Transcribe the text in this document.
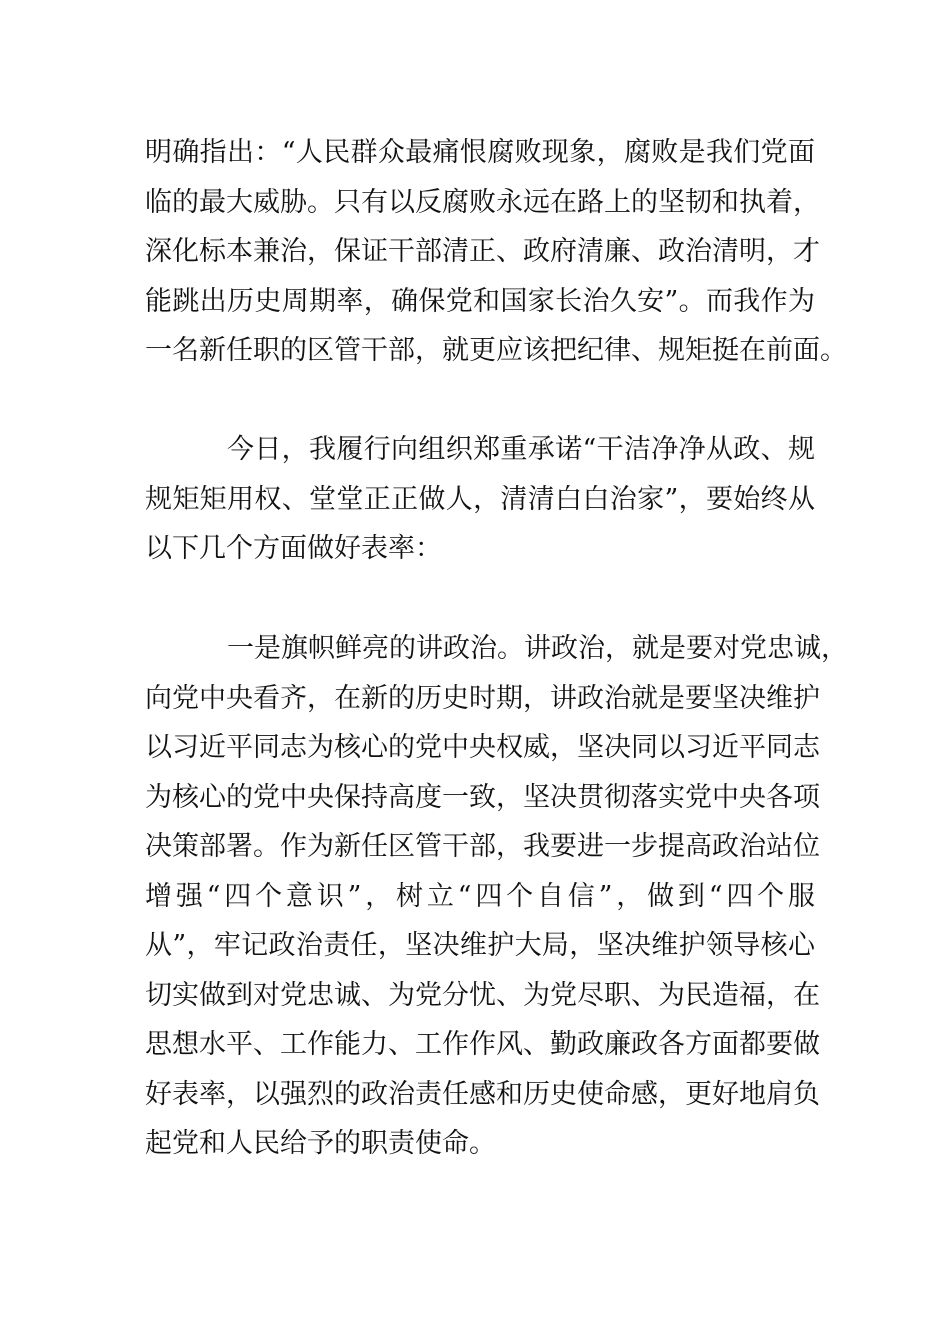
明确指出：“人民群众最痛恨腐败现象，腐败是我们党面
临的最大威胁。只有以反腐败永远在路上的坚韧和执着，
深化标本兼治，保证干部清正、政府清廉、政治清明，才
能跳出历史周期率，确保党和国家长治久安”。而我作为
一名新任职的区管干部，就更应该把纪律、规矩挺在前面。
今日，我履行向组织郑重承诺“干洁净净从政、规
规矩矩用权、堂堂正正做人，清清白白治家”，要始终从
以下几个方面做好表率：
一是旗帜鲜亮的讲政治。讲政治，就是要对党忠诚，
向党中央看齐，在新的历史时期，讲政治就是要坚决维护
以习近平同志为核心的党中央权威，坚决同以习近平同志
为核心的党中央保持高度一致，坚决贯彻落实党中央各项
决策部署。作为新任区管干部，我要进一步提高政治站位
增强“四个意识”，树立“四个自信”，做到“四个服
从”，牢记政治责任，坚决维护大局，坚决维护领导核心
切实做到对党忠诚、为党分忧、为党尽职、为民造福，在
思想水平、工作能力、工作作风、勤政廉政各方面都要做
好表率，以强烈的政治责任感和历史使命感，更好地肩负
起党和人民给予的职责使命。
